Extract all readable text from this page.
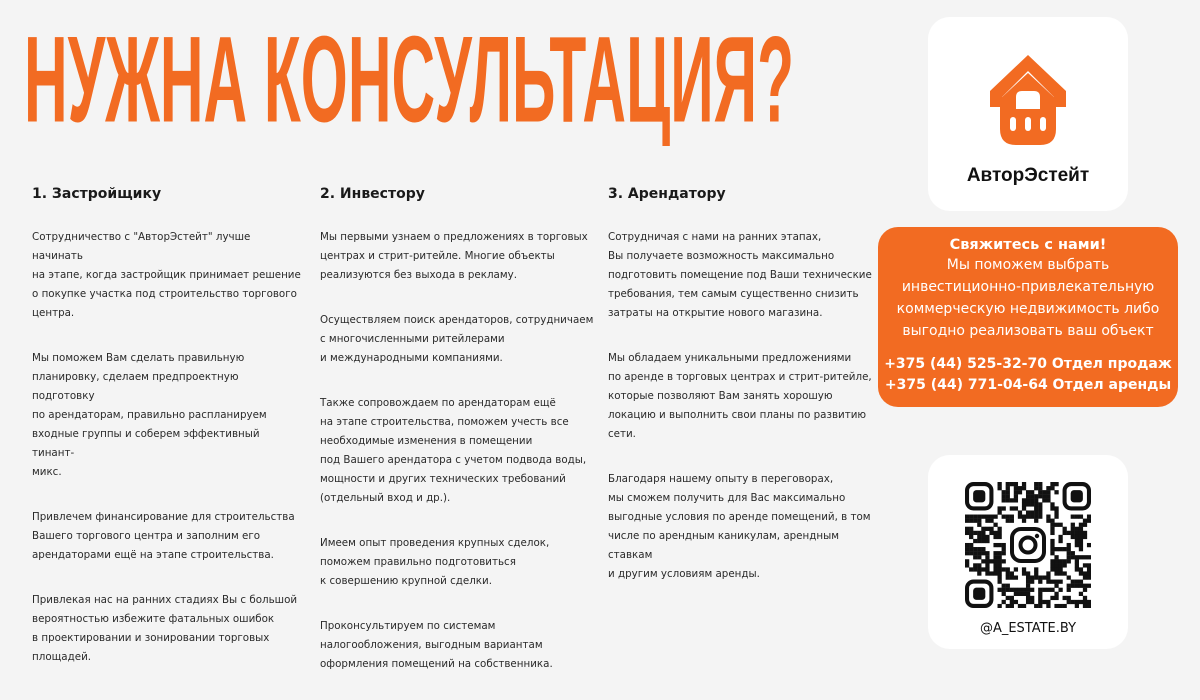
НУЖНА КОНСУЛЬТАЦИЯ?
1. Застройщику

Сотрудничество с "АвторЭстейт" лучше начинать
на этапе, когда застройщик принимает решение
о покупке участка под строительство торгового
центра.

Мы поможем Вам сделать правильную
планировку, сделаем предпроектную подготовку
по арендаторам, правильно распланируем
входные группы и соберем эффективный тинант-
микс.

Привлечем финансирование для строительства
Вашего торгового центра и заполним его
арендаторами ещё на этапе строительства.

Привлекая нас на ранних стадиях Вы с большой
вероятностью избежите фатальных ошибок
в проектировании и зонировании торговых
площадей.

2. Инвестору

Мы первыми узнаем о предложениях в торговых
центрах и стрит-ритейле. Многие объекты
реализуются без выхода в рекламу.

Осуществляем поиск арендаторов, сотрудничаем
с многочисленными ритейлерами
и международными компаниями.

Также сопровождаем по арендаторам ещё
на этапе строительства, поможем учесть все
необходимые изменения в помещении
под Вашего арендатора с учетом подвода воды,
мощности и других технических требований
(отдельный вход и др.).

Имеем опыт проведения крупных сделок,
поможем правильно подготовиться
к совершению крупной сделки.

Проконсультируем по системам
налогообложения, выгодным вариантам
оформления помещений на собственника.

3. Арендатору

Сотрудничая с нами на ранних этапах,
Вы получаете возможность максимально
подготовить помещение под Ваши технические
требования, тем самым существенно снизить
затраты на открытие нового магазина.

Мы обладаем уникальными предложениями
по аренде в торговых центрах и стрит-ритейле,
которые позволяют Вам занять хорошую
локацию и выполнить свои планы по развитию
сети.

Благодаря нашему опыту в переговорах,
мы сможем получить для Вас максимально
выгодные условия по аренде помещений, в том
числе по арендным каникулам, арендным ставкам
и другим условиям аренды.

АвторЭстейт
Свяжитесь с нами!
Мы поможем выбрать
инвестиционно-привлекательную
коммерческую недвижимость либо
выгодно реализовать ваш объект
+375 (44) 525-32-70 Отдел продаж
+375 (44) 771-04-64 Отдел аренды
@A_ESTATE.BY
